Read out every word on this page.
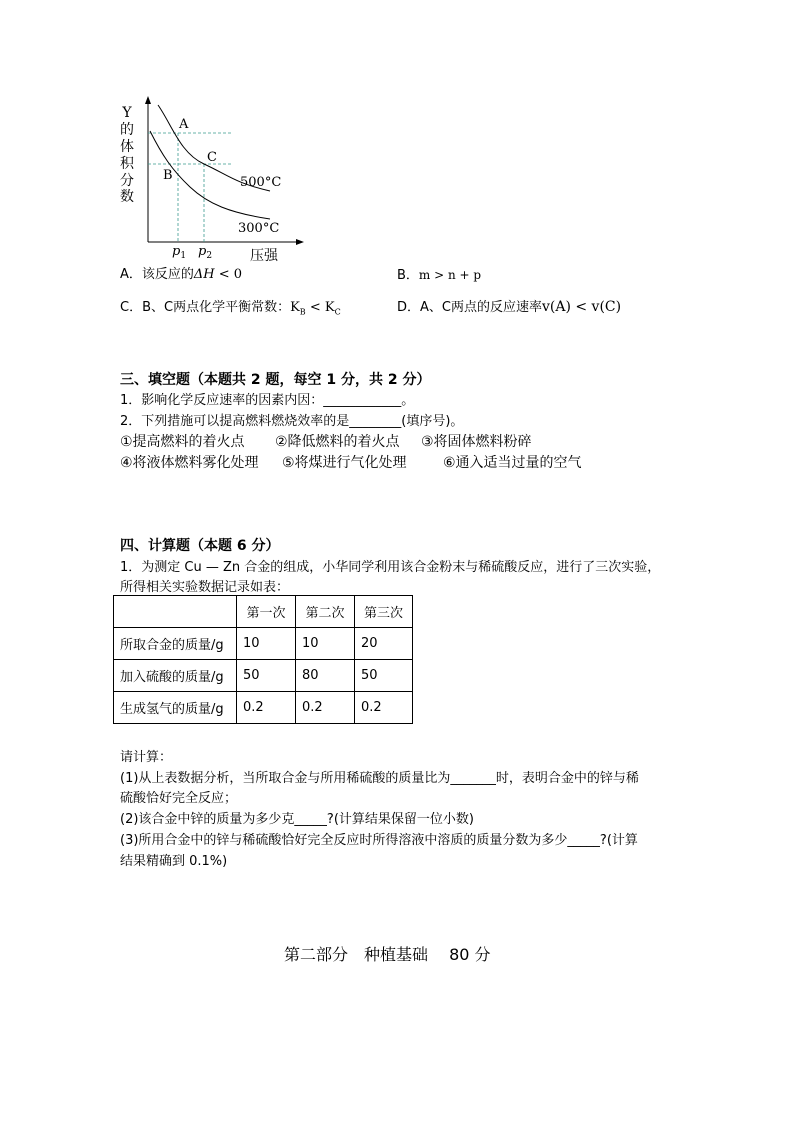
Y
的
体
积
分
数
A
B
C
500°C
300°C
$p_1$ $p_2$	压强
A．该反应的ΔH < 0	B．m > n + p
C．B、C两点化学平衡常数：$K_B < K_C$	D．A、C两点的反应速率v(A) < v(C)
三、填空题（本题共 2 题，每空 1 分，共 2 分）
1．影响化学反应速率的因素内因：____________。
2．下列措施可以提高燃料燃烧效率的是________(填序号)。
①提高燃料的着火点 ②降低燃料的着火点 ③将固体燃料粉碎
④将液体燃料雾化处理 ⑤将煤进行气化处理	⑥通入适当过量的空气
四、计算题（本题 6 分）
1．为测定 Cu — Zn 合金的组成，小华同学利用该合金粉末与稀硫酸反应，进行了三次实验，
所得相关实验数据记录如表：
	第一次	第二次	第三次
所取合金的质量/g	10	10	20
加入硫酸的质量/g	50	80	50
生成氢气的质量/g	0.2	0.2	0.2
请计算：
(1)从上表数据分析，当所取合金与所用稀硫酸的质量比为_______时，表明合金中的锌与稀
硫酸恰好完全反应；
(2)该合金中锌的质量为多少克_____?(计算结果保留一位小数)
(3)所用合金中的锌与稀硫酸恰好完全反应时所得溶液中溶质的质量分数为多少_____?(计算
结果精确到 0.1%)
第二部分　种植基础　 80 分
